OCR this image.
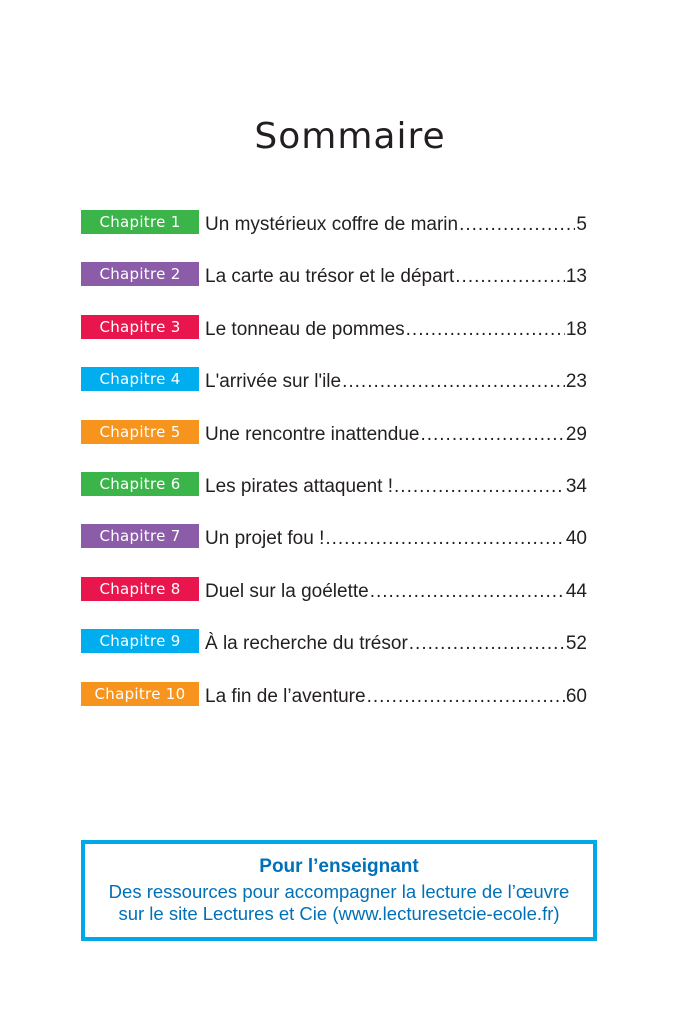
Sommaire
Chapitre 1	Un mystérieux coffre de marin .....	5
Chapitre 2	La carte au trésor et le départ .....	13
Chapitre 3	Le tonneau de pommes .....	18
Chapitre 4	L'arrivée sur l'ile .....	23
Chapitre 5	Une rencontre inattendue .....	29
Chapitre 6	Les pirates attaquent ! .....	34
Chapitre 7	Un projet fou ! .....	40
Chapitre 8	Duel sur la goélette .....	44
Chapitre 9	À la recherche du trésor .....	52
Chapitre 10	La fin de l’aventure .....	60
Pour l’enseignant
Des ressources pour accompagner la lecture de l’œuvre
sur le site Lectures et Cie (www.lecturesetcie-ecole.fr)
